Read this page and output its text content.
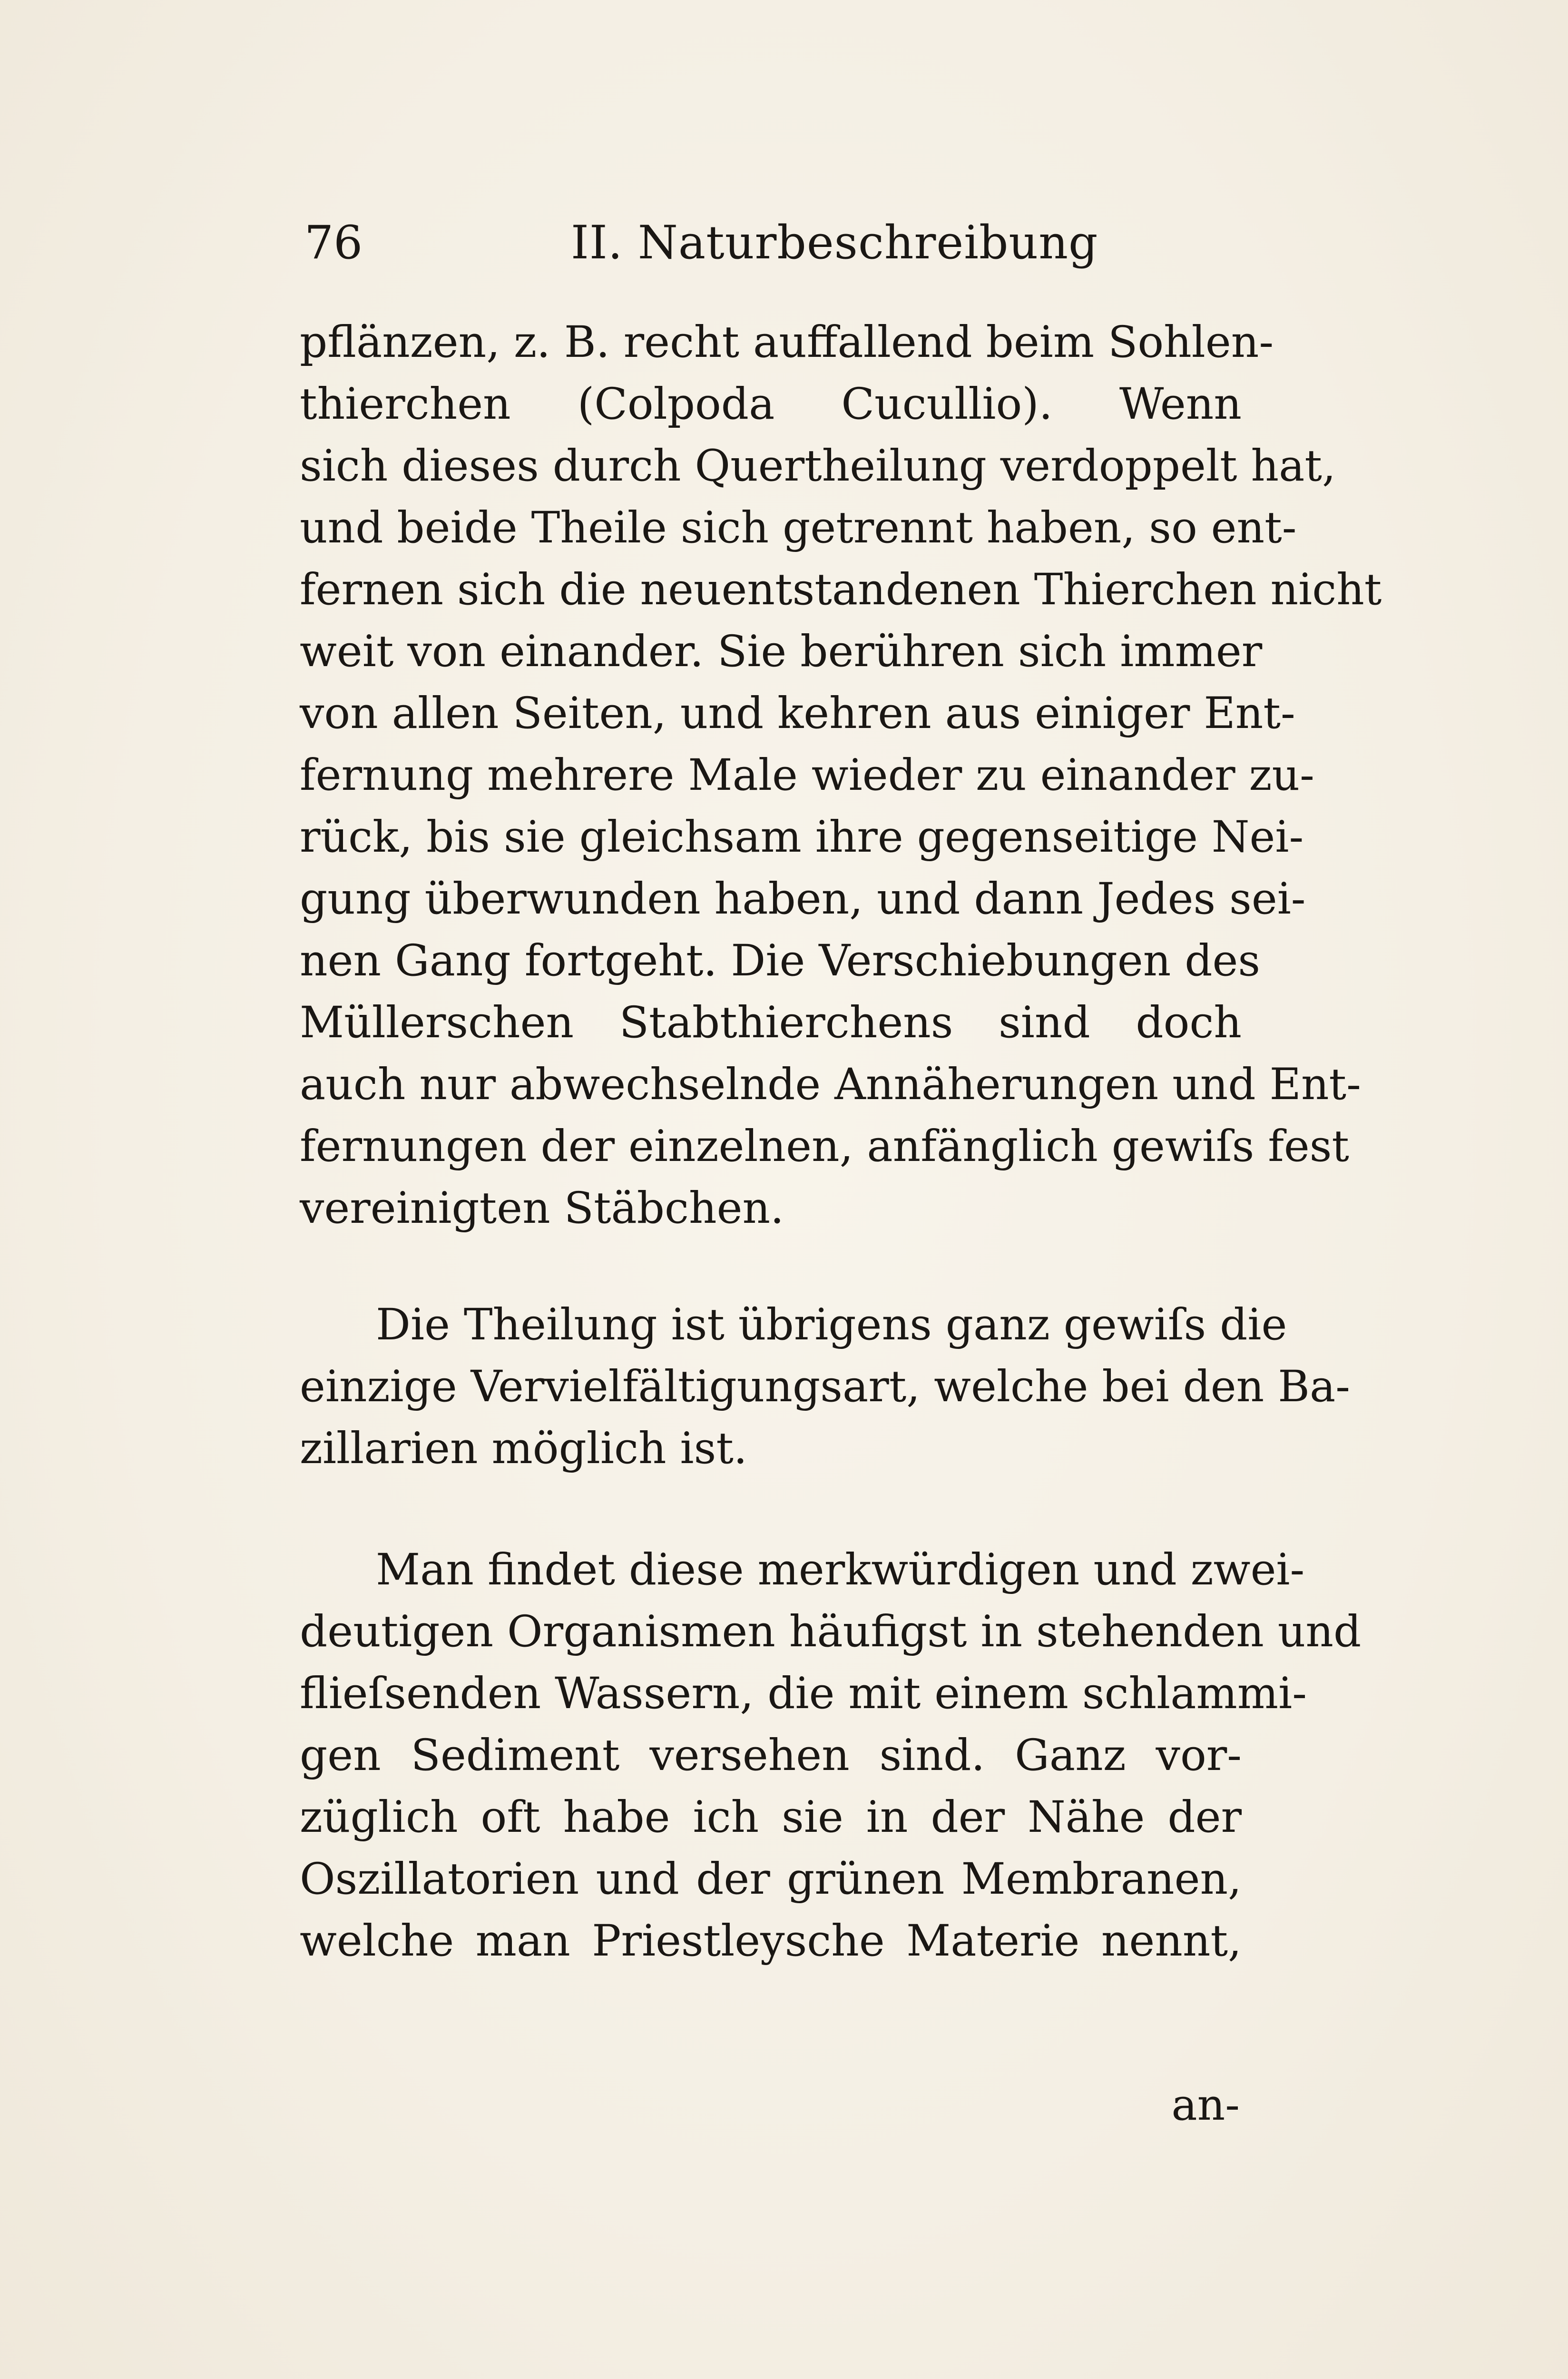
76	II. Naturbeschreibung
pflänzen, z. B. recht auffallend beim Sohlen-
thierchen (Colpoda Cucullio). Wenn
sich dieses durch Quertheilung verdoppelt hat,
und beide Theile sich getrennt haben, so ent-
fernen sich die neuentstandenen Thierchen nicht
weit von einander. Sie berühren sich immer
von allen Seiten, und kehren aus einiger Ent-
fernung mehrere Male wieder zu einander zu-
rück, bis sie gleichsam ihre gegenseitige Nei-
gung überwunden haben, und dann Jedes sei-
nen Gang fortgeht. Die Verschiebungen des
Müllerschen Stabthierchens sind doch
auch nur abwechselnde Annäherungen und Ent-
fernungen der einzelnen, anfänglich gewiſs fest
vereinigten Stäbchen.
Die Theilung ist übrigens ganz gewiſs die
einzige Vervielfältigungsart, welche bei den Ba-
zillarien möglich ist.
Man findet diese merkwürdigen und zwei-
deutigen Organismen häufigst in stehenden und
flieſsenden Wassern, die mit einem schlammi-
gen Sediment versehen sind. Ganz vor-
züglich oft habe ich sie in der Nähe der
Oszillatorien und der grünen Membranen,
welche man Priestleysche Materie nennt,
an-
